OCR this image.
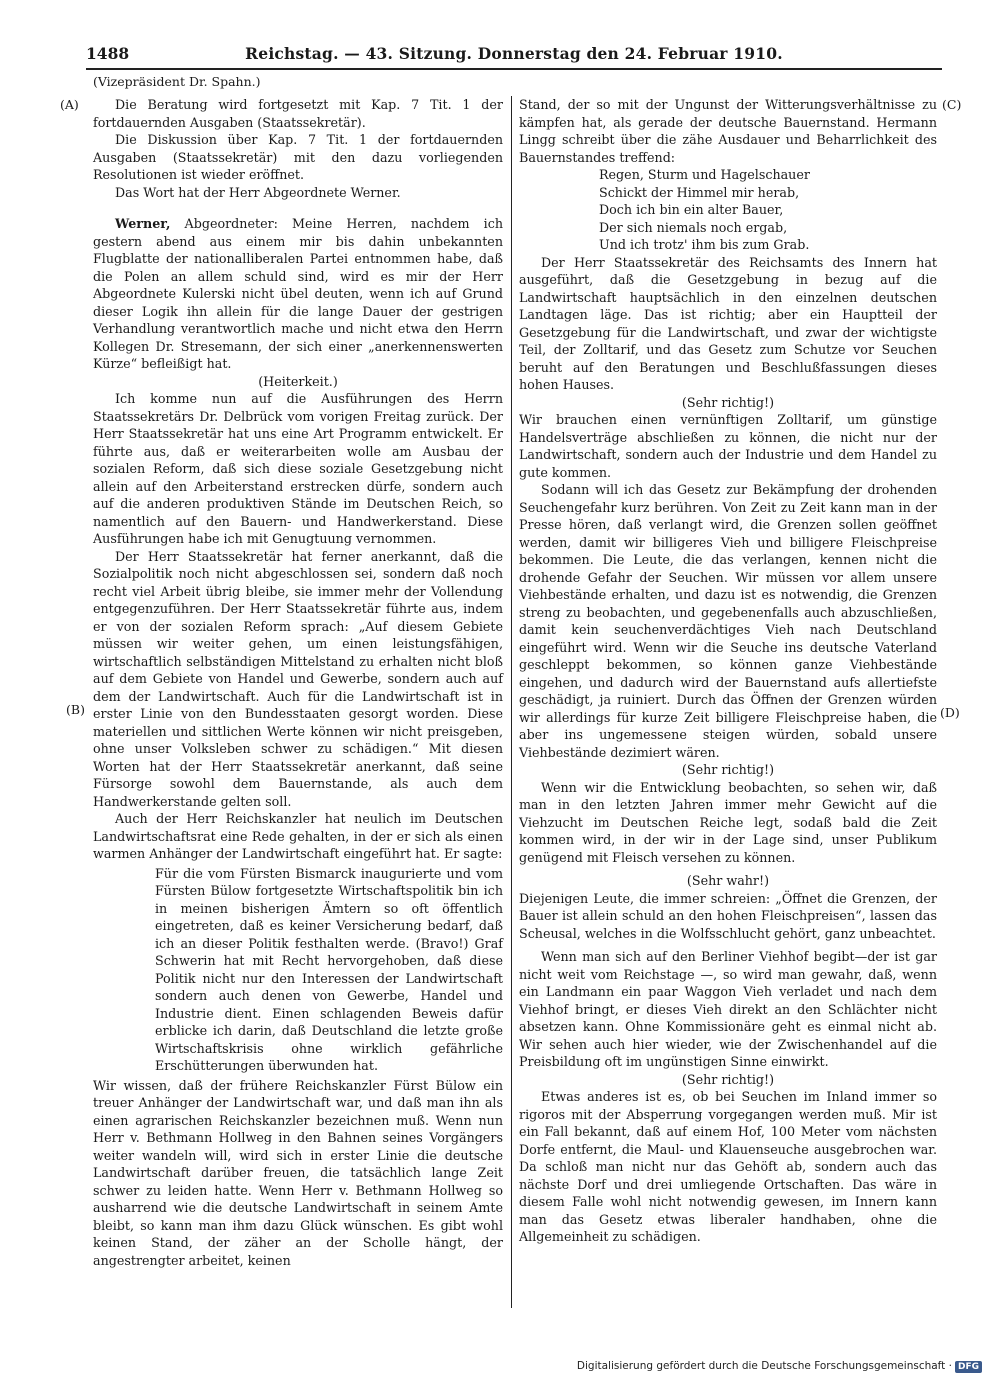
1488	Reichstag. — 43. Sitzung. Donnerstag den 24. Februar 1910.
(Vizepräsident Dr. Spahn.)
(A)
(B)
(C)
(D)

Die Beratung wird fortgesetzt mit Kap. 7 Tit. 1 der fortdauernden Ausgaben (Staatssekretär).

Die Diskussion über Kap. 7 Tit. 1 der fortdauernden Ausgaben (Staatssekretär) mit den dazu vorliegenden Resolutionen ist wieder eröffnet.

Das Wort hat der Herr Abgeordnete Werner.

Werner, Abgeordneter: Meine Herren, nachdem ich gestern abend aus einem mir bis dahin unbekannten Flugblatte der nationalliberalen Partei entnommen habe, daß die Polen an allem schuld sind, wird es mir der Herr Abgeordnete Kulerski nicht übel deuten, wenn ich auf Grund dieser Logik ihn allein für die lange Dauer der gestrigen Verhandlung verantwortlich mache und nicht etwa den Herrn Kollegen Dr. Stresemann, der sich einer „anerkennenswerten Kürze“ befleißigt hat.

(Heiterkeit.)

Ich komme nun auf die Ausführungen des Herrn Staatssekretärs Dr. Delbrück vom vorigen Freitag zurück. Der Herr Staatssekretär hat uns eine Art Programm entwickelt. Er führte aus, daß er weiterarbeiten wolle am Ausbau der sozialen Reform, daß sich diese soziale Gesetzgebung nicht allein auf den Arbeiterstand erstrecken dürfe, sondern auch auf die anderen produktiven Stände im Deutschen Reich, so namentlich auf den Bauern- und Handwerkerstand. Diese Ausführungen habe ich mit Genugtuung vernommen.

Der Herr Staatssekretär hat ferner anerkannt, daß die Sozialpolitik noch nicht abgeschlossen sei, sondern daß noch recht viel Arbeit übrig bleibe, sie immer mehr der Vollendung entgegenzuführen. Der Herr Staatssekretär führte aus, indem er von der sozialen Reform sprach: „Auf diesem Gebiete müssen wir weiter gehen, um einen leistungsfähigen, wirtschaftlich selbständigen Mittelstand zu erhalten nicht bloß auf dem Gebiete von Handel und Gewerbe, sondern auch auf dem der Landwirtschaft. Auch für die Landwirtschaft ist in erster Linie von den Bundesstaaten gesorgt worden. Diese materiellen und sittlichen Werte können wir nicht preisgeben, ohne unser Volksleben schwer zu schädigen.“ Mit diesen Worten hat der Herr Staatssekretär anerkannt, daß seine Fürsorge sowohl dem Bauernstande, als auch dem Handwerkerstande gelten soll.

Auch der Herr Reichskanzler hat neulich im Deutschen Landwirtschaftsrat eine Rede gehalten, in der er sich als einen warmen Anhänger der Landwirtschaft eingeführt hat. Er sagte:

Für die vom Fürsten Bismarck inaugurierte und vom Fürsten Bülow fortgesetzte Wirtschaftspolitik bin ich in meinen bisherigen Ämtern so oft öffentlich eingetreten, daß es keiner Versicherung bedarf, daß ich an dieser Politik festhalten werde. (Bravo!) Graf Schwerin hat mit Recht hervorgehoben, daß diese Politik nicht nur den Interessen der Landwirtschaft sondern auch denen von Gewerbe, Handel und Industrie dient. Einen schlagenden Beweis dafür erblicke ich darin, daß Deutschland die letzte große Wirtschaftskrisis ohne wirklich gefährliche Erschütterungen überwunden hat.

Wir wissen, daß der frühere Reichskanzler Fürst Bülow ein treuer Anhänger der Landwirtschaft war, und daß man ihn als einen agrarischen Reichskanzler bezeichnen muß. Wenn nun Herr v. Bethmann Hollweg in den Bahnen seines Vorgängers weiter wandeln will, wird sich in erster Linie die deutsche Landwirtschaft darüber freuen, die tatsächlich lange Zeit schwer zu leiden hatte. Wenn Herr v. Bethmann Hollweg so ausharrend wie die deutsche Landwirtschaft in seinem Amte bleibt, so kann man ihm dazu Glück wünschen. Es gibt wohl keinen Stand, der zäher an der Scholle hängt, der angestrengter arbeitet, keinen

Stand, der so mit der Ungunst der Witterungsverhältnisse zu kämpfen hat, als gerade der deutsche Bauernstand. Hermann Lingg schreibt über die zähe Ausdauer und Beharrlichkeit des Bauernstandes treffend:

Regen, Sturm und Hagelschauer
Schickt der Himmel mir herab,
Doch ich bin ein alter Bauer,
Der sich niemals noch ergab,
Und ich trotz' ihm bis zum Grab.

Der Herr Staatssekretär des Reichsamts des Innern hat ausgeführt, daß die Gesetzgebung in bezug auf die Landwirtschaft hauptsächlich in den einzelnen deutschen Landtagen läge. Das ist richtig; aber ein Hauptteil der Gesetzgebung für die Landwirtschaft, und zwar der wichtigste Teil, der Zolltarif, und das Gesetz zum Schutze vor Seuchen beruht auf den Beratungen und Beschlußfassungen dieses hohen Hauses.

(Sehr richtig!)

Wir brauchen einen vernünftigen Zolltarif, um günstige Handelsverträge abschließen zu können, die nicht nur der Landwirtschaft, sondern auch der Industrie und dem Handel zu gute kommen.

Sodann will ich das Gesetz zur Bekämpfung der drohenden Seuchengefahr kurz berühren. Von Zeit zu Zeit kann man in der Presse hören, daß verlangt wird, die Grenzen sollen geöffnet werden, damit wir billigeres Vieh und billigere Fleischpreise bekommen. Die Leute, die das verlangen, kennen nicht die drohende Gefahr der Seuchen. Wir müssen vor allem unsere Viehbestände erhalten, und dazu ist es notwendig, die Grenzen streng zu beobachten, und gegebenenfalls auch abzuschließen, damit kein seuchenverdächtiges Vieh nach Deutschland eingeführt wird. Wenn wir die Seuche ins deutsche Vaterland geschleppt bekommen, so können ganze Viehbestände eingehen, und dadurch wird der Bauernstand aufs allertiefste geschädigt, ja ruiniert. Durch das Öffnen der Grenzen würden wir allerdings für kurze Zeit billigere Fleischpreise haben, die aber ins ungemessene steigen würden, sobald unsere Viehbestände dezimiert wären.

(Sehr richtig!)

Wenn wir die Entwicklung beobachten, so sehen wir, daß man in den letzten Jahren immer mehr Gewicht auf die Viehzucht im Deutschen Reiche legt, sodaß bald die Zeit kommen wird, in der wir in der Lage sind, unser Publikum genügend mit Fleisch versehen zu können.

(Sehr wahr!)

Diejenigen Leute, die immer schreien: „Öffnet die Grenzen, der Bauer ist allein schuld an den hohen Fleischpreisen“, lassen das Scheusal, welches in die Wolfsschlucht gehört, ganz unbeachtet.

Wenn man sich auf den Berliner Viehhof begibt—der ist gar nicht weit vom Reichstage —, so wird man gewahr, daß, wenn ein Landmann ein paar Waggon Vieh verladet und nach dem Viehhof bringt, er dieses Vieh direkt an den Schlächter nicht absetzen kann. Ohne Kommissionäre geht es einmal nicht ab. Wir sehen auch hier wieder, wie der Zwischenhandel auf die Preisbildung oft im ungünstigen Sinne einwirkt.

(Sehr richtig!)

Etwas anderes ist es, ob bei Seuchen im Inland immer so rigoros mit der Absperrung vorgegangen werden muß. Mir ist ein Fall bekannt, daß auf einem Hof, 100 Meter vom nächsten Dorfe entfernt, die Maul- und Klauenseuche ausgebrochen war. Da schloß man nicht nur das Gehöft ab, sondern auch das nächste Dorf und drei umliegende Ortschaften. Das wäre in diesem Falle wohl nicht notwendig gewesen, im Innern kann man das Gesetz etwas liberaler handhaben, ohne die Allgemeinheit zu schädigen.

Digitalisierung gefördert durch die Deutsche Forschungsgemeinschaft · DFG
